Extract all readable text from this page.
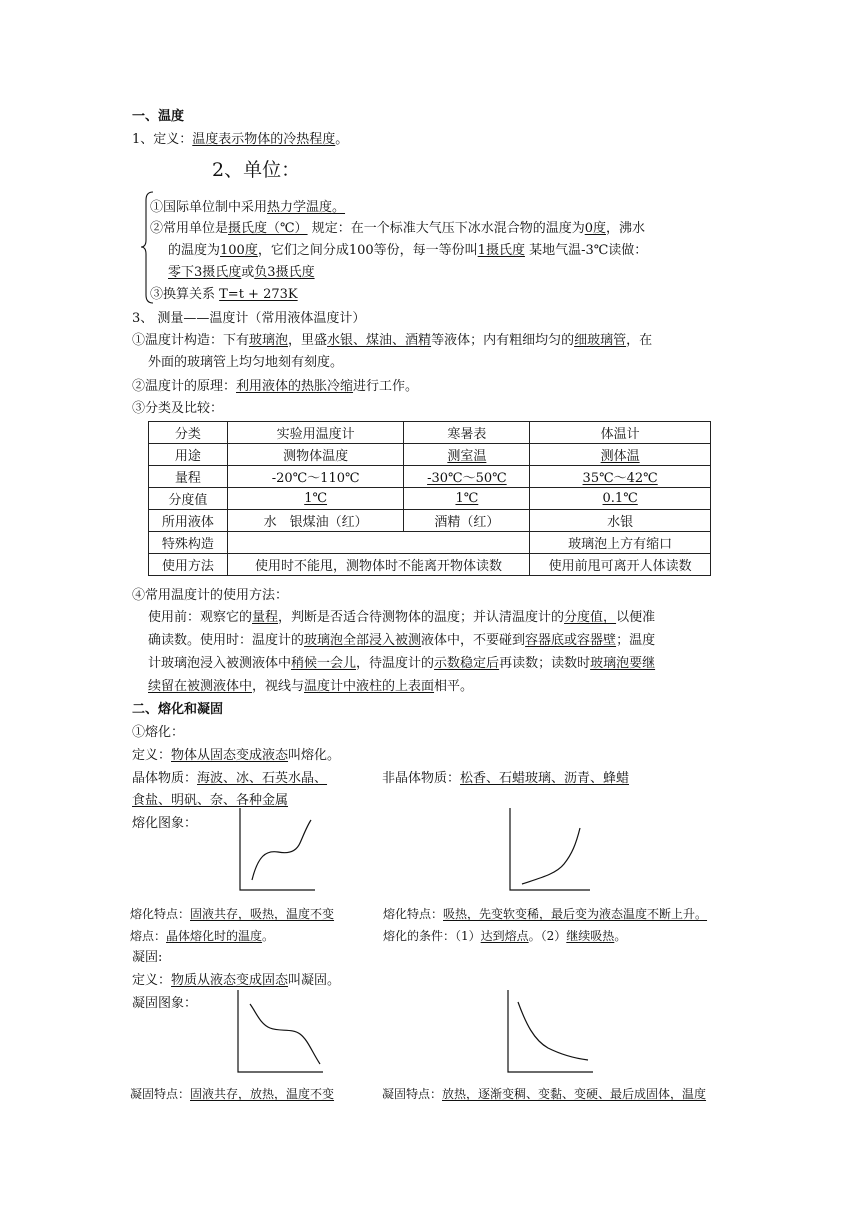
一、温度
1、定义：温度表示物体的冷热程度。
2、单位：
①国际单位制中采用热力学温度。
②常用单位是摄氏度（℃） 规定：在一个标准大气压下冰水混合物的温度为0度，沸水
的温度为100度，它们之间分成100等份，每一等份叫1摄氏度 某地气温-3℃读做：
零下3摄氏度或负3摄氏度
③换算关系 T=t + 273K
3、 测量——温度计（常用液体温度计）
①温度计构造：下有玻璃泡，里盛水银、煤油、酒精等液体；内有粗细均匀的细玻璃管，在
外面的玻璃管上均匀地刻有刻度。
②温度计的原理：利用液体的热胀冷缩进行工作。
③分类及比较：
分类	实验用温度计	寒暑表	体温计
用途	测物体温度	测室温	测体温
量程	-20℃～110℃	-30℃～50℃	35℃～42℃
分度值	1℃	1℃	0.1℃
所用液体	水　银煤油（红）	酒精（红）	水银
特殊构造			玻璃泡上方有缩口
使用方法	使用时不能甩，测物体时不能离开物体读数		使用前甩可离开人体读数
④常用温度计的使用方法：
使用前：观察它的量程，判断是否适合待测物体的温度；并认清温度计的分度值，以便准
确读数。使用时：温度计的玻璃泡全部浸入被测液体中，不要碰到容器底或容器壁；温度
计玻璃泡浸入被测液体中稍候一会儿，待温度计的示数稳定后再读数；读数时玻璃泡要继
续留在被测液体中，视线与温度计中液柱的上表面相平。
二、熔化和凝固
①熔化：
定义：物体从固态变成液态叫熔化。
晶体物质：海波、冰、石英水晶、	非晶体物质：松香、石蜡玻璃、沥青、蜂蜡
食盐、明矾、奈、各种金属
熔化图象：
熔化特点：固液共存，吸热，温度不变	熔化特点：吸热，先变软变稀，最后变为液态温度不断上升。
熔点：晶体熔化时的温度。	熔化的条件：（1）达到熔点。（2）继续吸热。
凝固:
定义：物质从液态变成固态叫凝固。
凝固图象：
凝固特点：固液共存，放热，温度不变	凝固特点：放热，逐渐变稠、变黏、变硬、最后成固体，温度
